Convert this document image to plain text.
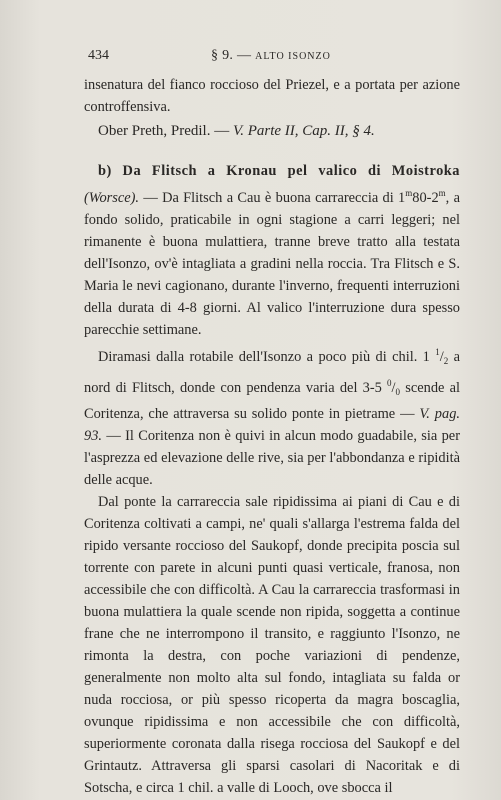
434	§ 9. — ALTO ISONZO

insenatura del fianco roccioso del Priezel, e a portata per azione controffensiva.

Ober Preth, Predil. — V. Parte II, Cap. II, § 4.

b) Da Flitsch a Kronau pel valico di Moistroka (Worsce). — Da Flitsch a Cau è buona carrareccia di 1$^m$80-2$^m$, a fondo solido, praticabile in ogni stagione a carri leggeri; nel rimanente è buona mulattiera, tranne breve tratto alla testata dell'Isonzo, ov'è intagliata a gradini nella roccia. Tra Flitsch e S. Maria le nevi cagionano, durante l'inverno, frequenti interruzioni della durata di 4-8 giorni. Al valico l'interruzione dura spesso parecchie settimane.

Diramasi dalla rotabile dell'Isonzo a poco più di chil. 1 $^1/_2$ a nord di Flitsch, donde con pendenza varia del 3-5 $^0/_0$ scende al Coritenza, che attraversa su solido ponte in pietrame — V. pag. 93. — Il Coritenza non è quivi in alcun modo guadabile, sia per l'asprezza ed elevazione delle rive, sia per l'abbondanza e ripidità delle acque.

Dal ponte la carrareccia sale ripidissima ai piani di Cau e di Coritenza coltivati a campi, ne' quali s'allarga l'estrema falda del ripido versante roccioso del Saukopf, donde precipita poscia sul torrente con parete in alcuni punti quasi verticale, franosa, non accessibile che con difficoltà. A Cau la carrareccia trasformasi in buona mulattiera la quale scende non ripida, soggetta a continue frane che ne interrompono il transito, e raggiunto l'Isonzo, ne rimonta la destra, con poche variazioni di pendenze, generalmente non molto alta sul fondo, intagliata su falda or nuda rocciosa, or più spesso ricoperta da magra boscaglia, ovunque ripidissima e non accessibile che con difficoltà, superiormente coronata dalla risega rocciosa del Saukopf e del Grintautz. Attraversa gli sparsi casolari di Nacoritak e di Sotscha, e circa 1 chil. a valle di Looch, ove sbocca il
